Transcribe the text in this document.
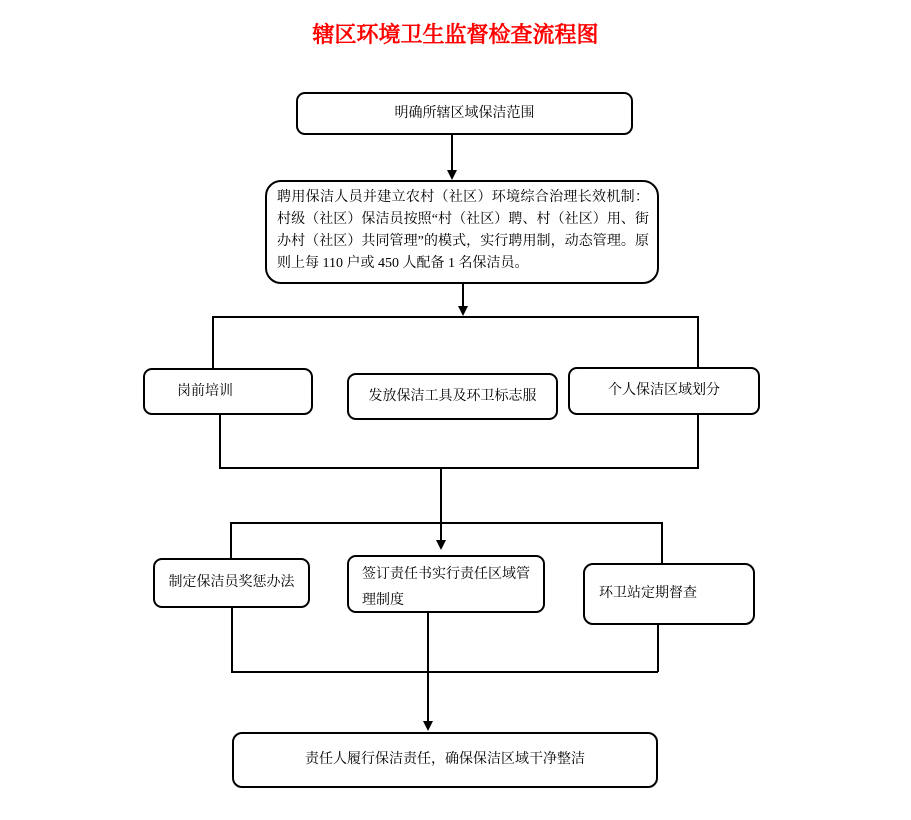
辖区环境卫生监督检查流程图
明确所辖区域保洁范围
聘用保洁人员并建立农村（社区）环境综合治理长效机制：村级（社区）保洁员按照“村（社区）聘、村（社区）用、街办村（社区）共同管理”的模式，实行聘用制，动态管理。原则上每 110 户或 450 人配备 1 名保洁员。
岗前培训	发放保洁工具及环卫标志服	个人保洁区域划分
制定保洁员奖惩办法
签订责任书实行责任区域管理制度	环卫站定期督查
责任人履行保洁责任，确保保洁区域干净整洁
